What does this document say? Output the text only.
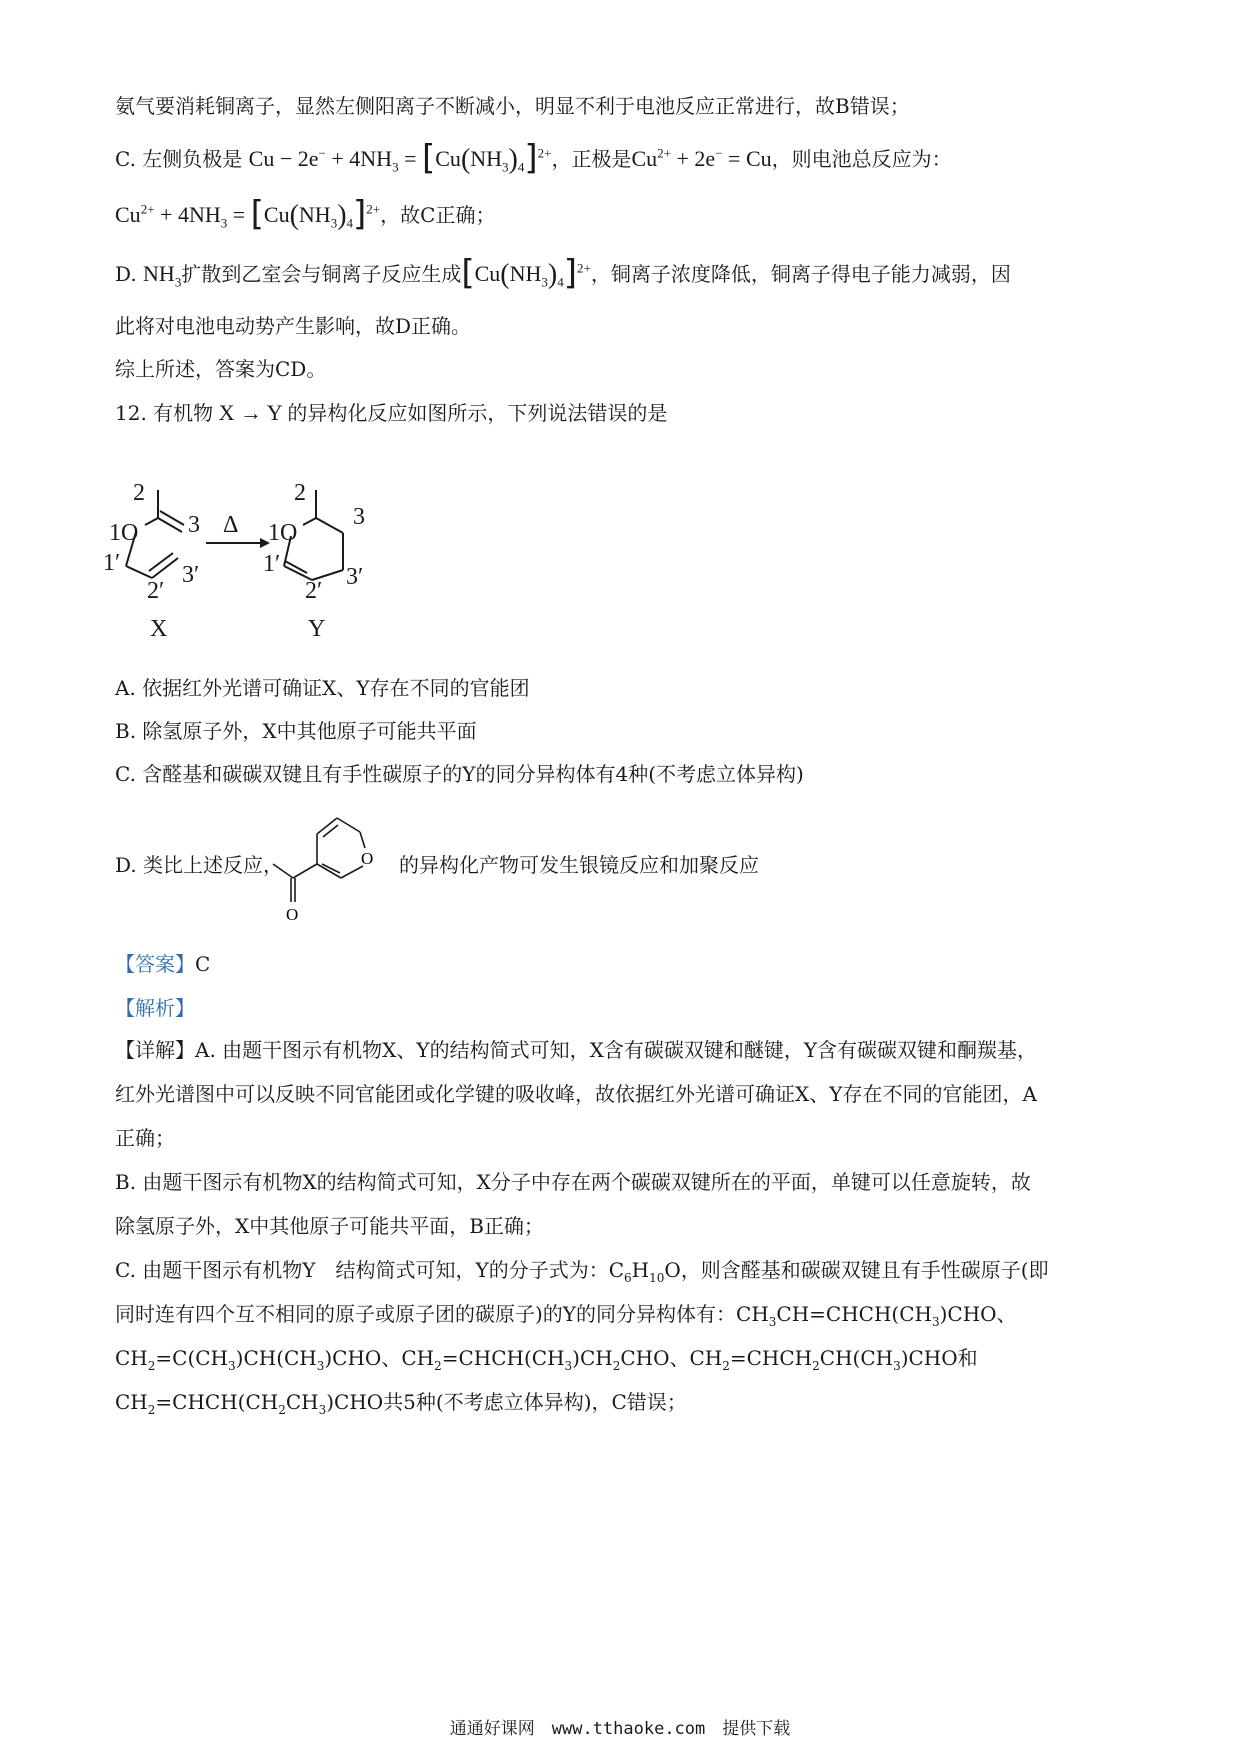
氨气要消耗铜离子，显然左侧阳离子不断减小，明显不利于电池反应正常进行，故B错误；
C. 左侧负极是 $Cu - 2e^- + 4NH_3 = [Cu(NH_3)_4]^{2+}$，正极是$Cu^{2+} + 2e^- = Cu$，则电池总反应为：
$Cu^{2+} + 4NH_3 = [Cu(NH_3)_4]^{2+}$，故C正确；
D. $NH_3$扩散到乙室会与铜离子反应生成$[Cu(NH_3)_4]^{2+}$，铜离子浓度降低，铜离子得电子能力减弱，因
此将对电池电动势产生影响，故D正确。
综上所述，答案为CD。
12. 有机物 X → Y 的异构化反应如图所示，下列说法错误的是
2
3
1O
1′
2′
3′
Δ
2
3
1O
1′
2′
3′
X	Y
A. 依据红外光谱可确证X、Y存在不同的官能团
B. 除氢原子外，X中其他原子可能共平面
C. 含醛基和碳碳双键且有手性碳原子的Y的同分异构体有4种(不考虑立体异构)
D. 类比上述反应，	的异构化产物可发生银镜反应和加聚反应
O
O
【答案】C
【解析】
【详解】A. 由题干图示有机物X、Y的结构简式可知，X含有碳碳双键和醚键，Y含有碳碳双键和酮羰基，
红外光谱图中可以反映不同官能团或化学键的吸收峰，故依据红外光谱可确证X、Y存在不同的官能团，A
正确；
B. 由题干图示有机物X的结构简式可知，X分子中存在两个碳碳双键所在的平面，单键可以任意旋转，故
除氢原子外，X中其他原子可能共平面，B正确；
C. 由题干图示有机物Y　结构简式可知，Y的分子式为：$C_6H_{10}O$，则含醛基和碳碳双键且有手性碳原子(即
同时连有四个互不相同的原子或原子团的碳原子)的Y的同分异构体有：$CH_3CH=CHCH(CH_3)CHO$、
$CH_2=C(CH_3)CH(CH_3)CHO$、$CH_2=CHCH(CH_3)CH_2CHO$、$CH_2=CHCH_2CH(CH_3)CHO$和
$CH_2=CHCH(CH_2CH_3)CHO$共5种(不考虑立体异构)，C错误；
通通好课网　www.tthaoke.com　提供下载
